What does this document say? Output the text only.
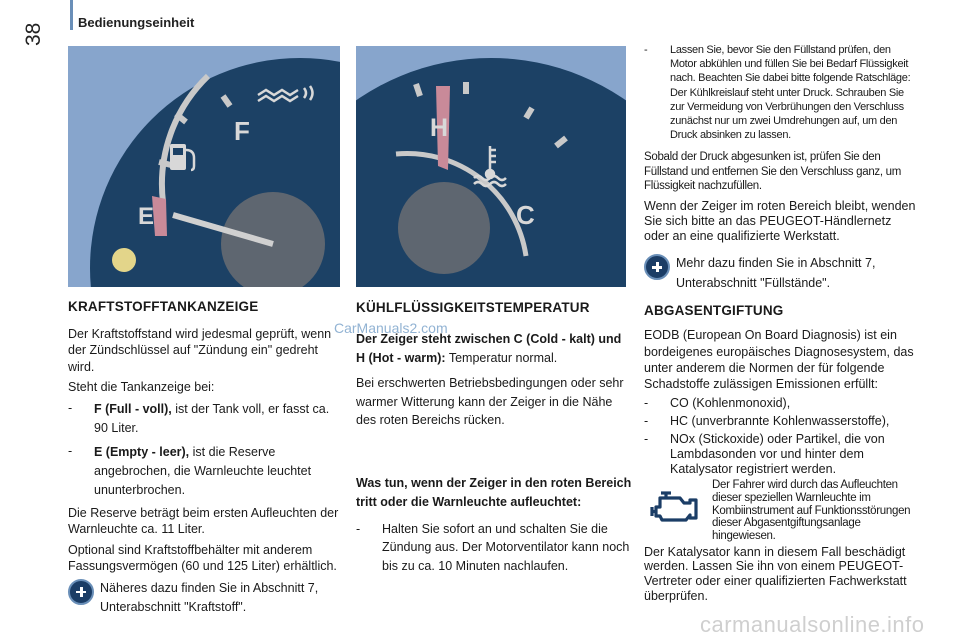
38	Bedienungseinheit
F
E
H
C
KRAFTSTOFFTANKANZEIGE

Der Kraftstoffstand wird jedesmal geprüft, wenn der Zündschlüssel auf "Zündung ein" gedreht wird.

Steht die Tankanzeige bei:

-	F (Full - voll), ist der Tank voll, er fasst ca. 90 Liter.
-	E (Empty - leer), ist die Reserve angebrochen, die Warnleuchte leuchtet ununterbrochen.

Die Reserve beträgt beim ersten Aufleuchten der Warnleuchte ca. 11 Liter.

Optional sind Kraftstoffbehälter mit anderem Fassungsvermögen (60 und 125 Liter) erhältlich.

Näheres dazu finden Sie in Abschnitt 7, Unterabschnitt "Kraftstoff".
KÜHLFLÜSSIGKEITSTEMPERATUR

Der Zeiger steht zwischen C (Cold - kalt) und H (Hot - warm): Temperatur normal.

Bei erschwerten Betriebsbedingungen oder sehr warmer Witterung kann der Zeiger in die Nähe des roten Bereichs rücken.

Was tun, wenn der Zeiger in den roten Bereich tritt oder die Warnleuchte aufleuchtet:

-	Halten Sie sofort an und schalten Sie die Zündung aus. Der Motorventilator kann noch bis zu ca. 10 Minuten nachlaufen.
CarManuals2.com
-	Lassen Sie, bevor Sie den Füllstand prüfen, den Motor abkühlen und füllen Sie bei Bedarf Flüssigkeit nach. Beachten Sie dabei bitte folgende Ratschläge:

Der Kühlkreislauf steht unter Druck. Schrauben Sie zur Vermeidung von Verbrühungen den Verschluss zunächst nur um zwei Umdrehungen auf, um den Druck absinken zu lassen.

Sobald der Druck abgesunken ist, prüfen Sie den Füllstand und entfernen Sie den Verschluss ganz, um Flüssigkeit nachzufüllen.

Wenn der Zeiger im roten Bereich bleibt, wenden Sie sich bitte an das PEUGEOT-Händlernetz oder an eine qualifizierte Werkstatt.

Mehr dazu finden Sie in Abschnitt 7, Unterabschnitt "Füllstände".
ABGASENTGIFTUNG

EODB (European On Board Diagnosis) ist ein bordeigenes europäisches Diagnosesystem, das unter anderem die Normen der für folgende Schadstoffe zulässigen Emissionen erfüllt:

-	CO (Kohlenmonoxid),
-	HC (unverbrannte Kohlenwasserstoffe),
-	NOx (Stickoxide) oder Partikel, die von Lambdasonden vor und hinter dem Katalysator registriert werden.

Der Fahrer wird durch das Aufleuchten dieser speziellen Warnleuchte im Kombiinstrument auf Funktionsstörungen dieser Abgasentgiftungsanlage hingewiesen.

Der Katalysator kann in diesem Fall beschädigt werden. Lassen Sie ihn von einem PEUGEOT-Vertreter oder einer qualifizierten Fachwerkstatt überprüfen.

carmanualsonline.info
